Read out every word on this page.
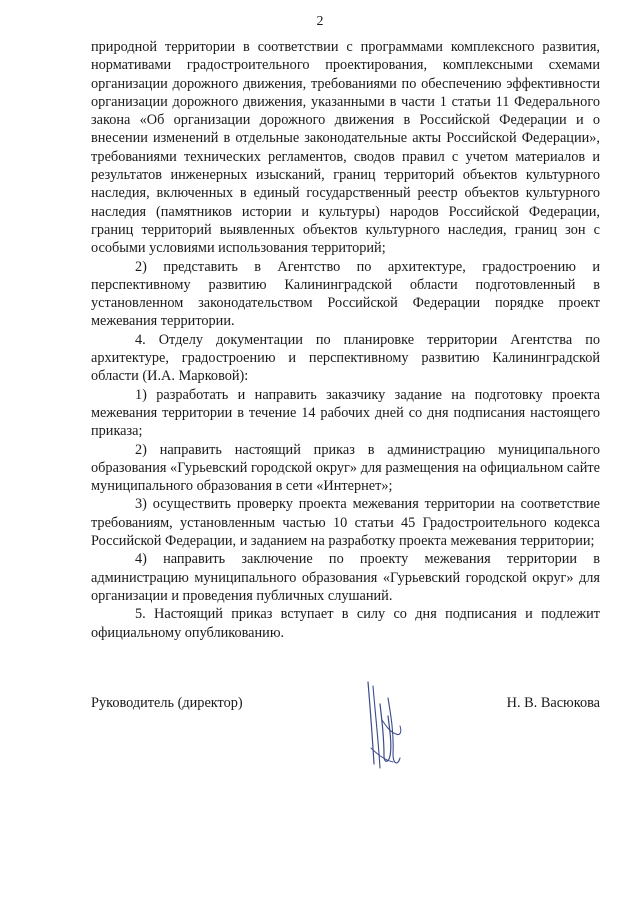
2

природной территории в соответствии с программами комплексного развития, нормативами градостроительного проектирования, комплексными схемами организации дорожного движения, требованиями по обеспечению эффективности организации дорожного движения, указанными в части 1 статьи 11 Федерального закона «Об организации дорожного движения в Российской Федерации и о внесении изменений в отдельные законодательные акты Российской Федерации», требованиями технических регламентов, сводов правил с учетом материалов и результатов инженерных изысканий, границ территорий объектов культурного наследия, включенных в единый государственный реестр объектов культурного наследия (памятников истории и культуры) народов Российской Федерации, границ территорий выявленных объектов культурного наследия, границ зон с особыми условиями использования территорий;

2) представить в Агентство по архитектуре, градостроению и перспективному развитию Калининградской области подготовленный в установленном законодательством Российской Федерации порядке проект межевания территории.

4. Отделу документации по планировке территории Агентства по архитектуре, градостроению и перспективному развитию Калининградской области (И.А. Марковой):

1) разработать и направить заказчику задание на подготовку проекта межевания территории в течение 14 рабочих дней со дня подписания настоящего приказа;

2) направить настоящий приказ в администрацию муниципального образования «Гурьевский городской округ» для размещения на официальном сайте муниципального образования в сети «Интернет»;

3) осуществить проверку проекта межевания территории на соответствие требованиям, установленным частью 10 статьи 45 Градостроительного кодекса Российской Федерации, и заданием на разработку проекта межевания территории;

4) направить заключение по проекту межевания территории в администрацию муниципального образования «Гурьевский городской округ» для организации и проведения публичных слушаний.

5. Настоящий приказ вступает в силу со дня подписания и подлежит официальному опубликованию.

Руководитель (директор)	Н. В. Васюкова
